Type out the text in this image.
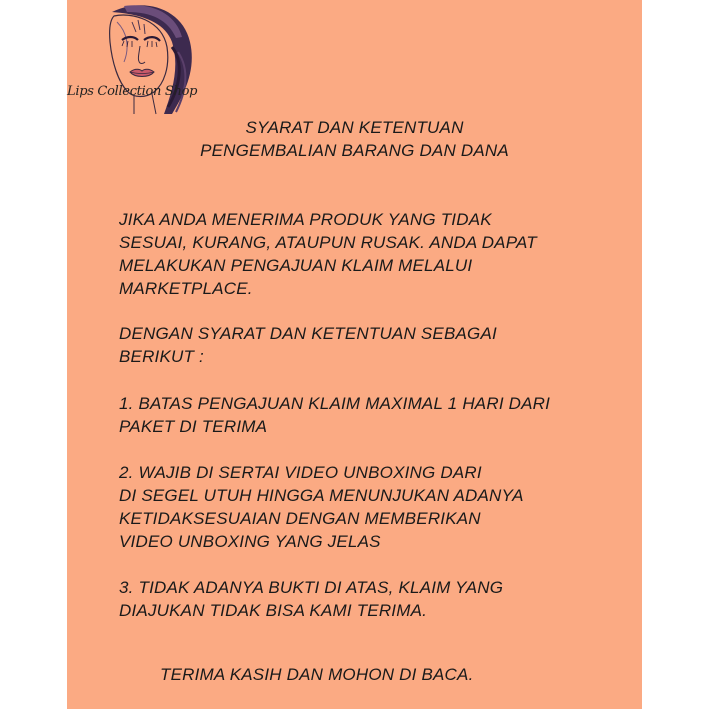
Lips Collection Shop
SYARAT DAN KETENTUAN
PENGEMBALIAN BARANG DAN DANA
JIKA ANDA MENERIMA PRODUK YANG TIDAK
SESUAI, KURANG, ATAUPUN RUSAK. ANDA DAPAT
MELAKUKAN PENGAJUAN KLAIM MELALUI
MARKETPLACE.
DENGAN SYARAT DAN KETENTUAN SEBAGAI
BERIKUT :
1. BATAS PENGAJUAN KLAIM MAXIMAL 1 HARI DARI
PAKET DI TERIMA
2. WAJIB DI SERTAI VIDEO UNBOXING DARI
DI SEGEL UTUH HINGGA MENUNJUKAN ADANYA
KETIDAKSESUAIAN DENGAN MEMBERIKAN
VIDEO UNBOXING YANG JELAS
3. TIDAK ADANYA BUKTI DI ATAS, KLAIM YANG
DIAJUKAN TIDAK BISA KAMI TERIMA.
TERIMA KASIH DAN MOHON DI BACA.
